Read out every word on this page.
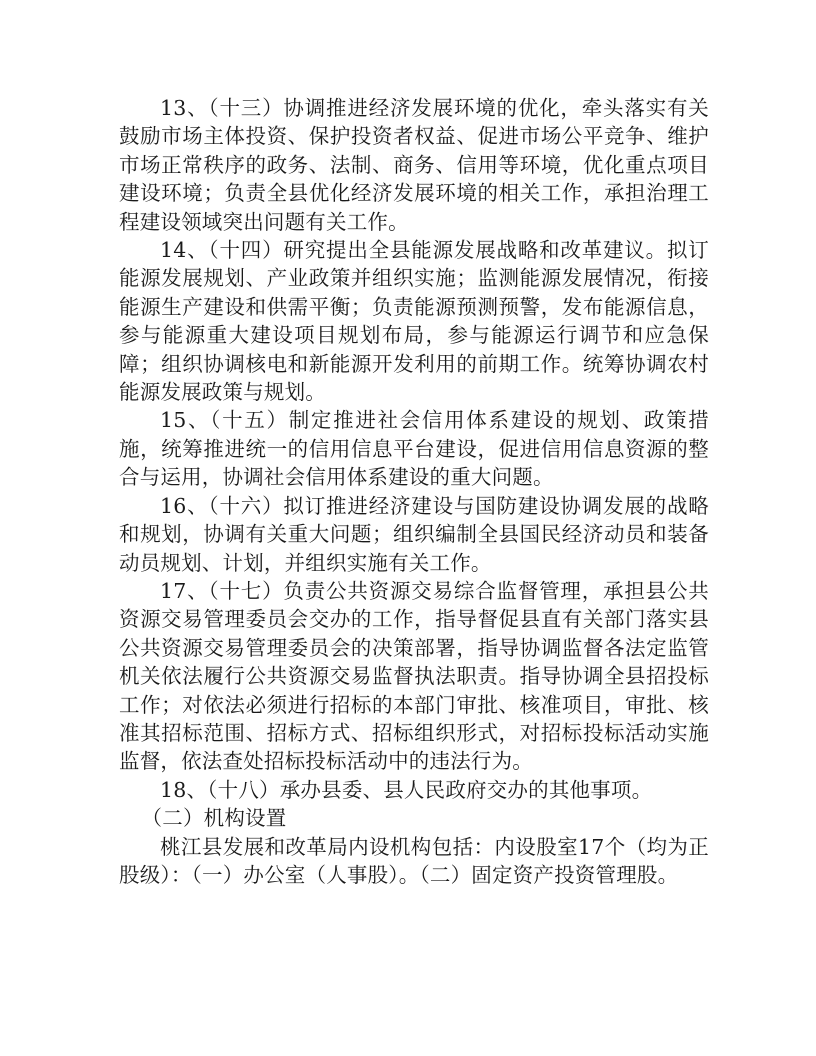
13、（十三）协调推进经济发展环境的优化，牵头落实有关鼓励市场主体投资、保护投资者权益、促进市场公平竞争、维护市场正常秩序的政务、法制、商务、信用等环境，优化重点项目建设环境；负责全县优化经济发展环境的相关工作，承担治理工程建设领域突出问题有关工作。

14、（十四）研究提出全县能源发展战略和改革建议。拟订能源发展规划、产业政策并组织实施；监测能源发展情况，衔接能源生产建设和供需平衡；负责能源预测预警，发布能源信息，参与能源重大建设项目规划布局，参与能源运行调节和应急保障；组织协调核电和新能源开发利用的前期工作。统筹协调农村能源发展政策与规划。

15、（十五）制定推进社会信用体系建设的规划、政策措施，统筹推进统一的信用信息平台建设，促进信用信息资源的整合与运用，协调社会信用体系建设的重大问题。

16、（十六）拟订推进经济建设与国防建设协调发展的战略和规划，协调有关重大问题；组织编制全县国民经济动员和装备动员规划、计划，并组织实施有关工作。

17、（十七）负责公共资源交易综合监督管理，承担县公共资源交易管理委员会交办的工作，指导督促县直有关部门落实县公共资源交易管理委员会的决策部署，指导协调监督各法定监管机关依法履行公共资源交易监督执法职责。指导协调全县招投标工作；对依法必须进行招标的本部门审批、核准项目，审批、核准其招标范围、招标方式、招标组织形式，对招标投标活动实施监督，依法查处招标投标活动中的违法行为。

18、（十八）承办县委、县人民政府交办的其他事项。

（二）机构设置

桃江县发展和改革局内设机构包括：内设股室17个（均为正股级）：（一）办公室（人事股）。（二）固定资产投资管理股。
